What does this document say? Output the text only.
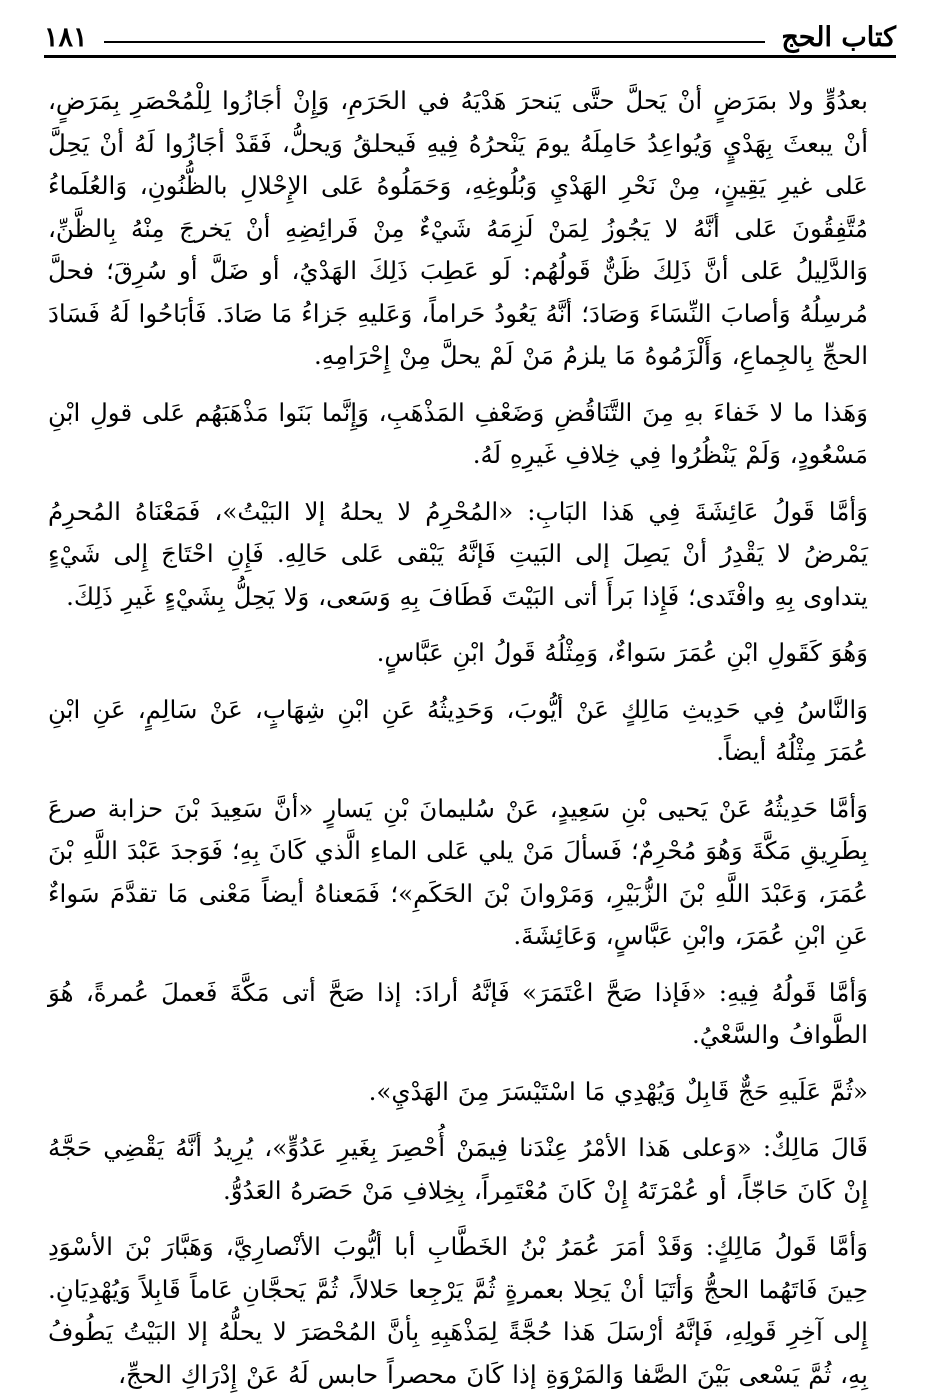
كتاب الحج
١٨١

بعدُوٍّ ولا بمَرَضٍ أنْ يَحلَّ حتَّى يَنحرَ هَدْيَهُ في الحَرَمِ، وَإِنْ أجَازُوا لِلْمُحْصَرِ بِمَرَضٍ، أنْ يبعثَ بِهَدْيٍ وَيُواعِدُ حَامِلَهُ يومَ يَنْحرُهُ فِيهِ فَيحلقُ وَيحلُّ، فَقَدْ أجَازُوا لَهُ أنْ يَحِلَّ عَلى غيرِ يَقِينٍ، مِنْ نَحْرِ الهَدْيِ وَبُلُوغِهِ، وَحَمَلُوهُ عَلى الإِحْلالِ بالظُّنُونِ، وَالعُلَماءُ مُتَّفِقُونَ عَلى أنَّهُ لا يَجُوزُ لِمَنْ لَزِمَهُ شَيْءٌ مِنْ فَرائِضِهِ أنْ يَخرجَ مِنْهُ بِالظَّنِّ، وَالدَّلِيلُ عَلى أنَّ ذَلِكَ ظَنٌّ قَولُهُم: لَو عَطِبَ ذَلِكَ الهَدْيُ، أو ضَلَّ أو سُرِقَ؛ فحلَّ مُرسِلُهُ وَأصابَ النِّسَاءَ وَصَادَ؛ أنَّهُ يَعُودُ حَراماً، وَعَليهِ جَزاءُ مَا صَادَ. فَأبَاحُوا لَهُ فَسَادَ الحجِّ بِالجِماعِ، وَأَلْزَمُوهُ مَا يلزمُ مَنْ لَمْ يحلَّ مِنْ إِحْرَامِهِ.

وَهَذا ما لا خَفاءَ بهِ مِنَ التَّنَاقُضِ وَضَعْفِ المَذْهَبِ، وَإِنَّما بَنَوا مَذْهَبَهُم عَلى قولِ ابْنِ مَسْعُودٍ، وَلَمْ يَنْظُرُوا فِي خِلافِ غَيرِهِ لَهُ.

وَأمَّا قَولُ عَائِشَةَ فِي هَذا البَابِ: «المُحْرِمُ لا يحلهُ إلا البَيْتُ»، فَمَعْنَاهُ المُحرِمُ يَمْرضُ لا يَقْدِرُ أنْ يَصِلَ إلى البَيتِ فَإنَّهُ يَبْقى عَلى حَالِهِ. فَإِنِ احْتَاجَ إِلى شَيْءٍ يتداوى بِهِ وافْتَدى؛ فَإِذا بَرأَ أتى البَيْتَ فَطَافَ بِهِ وَسَعى، وَلا يَحِلُّ بِشَيْءٍ غَيرِ ذَلِكَ.

وَهُوَ كَقَولِ ابْنِ عُمَرَ سَواءٌ، وَمِثْلُهُ قَولُ ابْنِ عَبَّاسٍ.

وَالنَّاسُ فِي حَدِيثِ مَالِكٍ عَنْ أيُّوبَ، وَحَدِيثُهُ عَنِ ابْنِ شِهَابٍ، عَنْ سَالِمٍ، عَنِ ابْنِ عُمَرَ مِثْلُهُ أيضاً.

وَأمَّا حَدِيثُهُ عَنْ يَحيى بْنِ سَعِيدٍ، عَنْ سُليمانَ بْنِ يَسارٍ «أنَّ سَعِيدَ بْنَ حزابة صرعَ بِطَرِيقِ مَكَّةَ وَهُوَ مُحْرِمٌ؛ فَسألَ مَنْ يلي عَلى الماءِ الَّذي كَانَ بِهِ؛ فَوَجدَ عَبْدَ اللَّهِ بْنَ عُمَرَ، وَعَبْدَ اللَّهِ بْنَ الزُّبَيْرِ، وَمَرْوانَ بْنَ الحَكَمِ»؛ فَمَعناهُ أيضاً مَعْنى مَا تقدَّمَ سَواءٌ عَنِ ابْنِ عُمَرَ، وابْنِ عَبَّاسٍ، وَعَائِشَةَ.

وَأمَّا قَولُهُ فِيهِ: «فَإذا صَحَّ اعْتَمَرَ» فَإنَّهُ أرادَ: إذا صَحَّ أتى مَكَّةَ فَعملَ عُمرةً، هُوَ الطَّوافُ والسَّعْيُ.

«ثُمَّ عَلَيهِ حَجٌّ قَابِلٌ وَيُهْدِي مَا اسْتَيْسَرَ مِنَ الهَدْيِ».

قَالَ مَالِكٌ: «وَعلى هَذا الأمْرُ عِنْدَنا فِيمَنْ أُحْصِرَ بِغَيرِ عَدُوٍّ»، يُرِيدُ أنَّهُ يَقْضِي حَجَّهُ إِنْ كَانَ حَاجّاً، أو عُمْرَتَهُ إِنْ كَانَ مُعْتَمِراً، بِخِلافِ مَنْ حَصَرهُ العَدُوُّ.

وَأمَّا قَولُ مَالِكٍ: وَقَدْ أمَرَ عُمَرُ بْنُ الخَطَّابِ أبا أيُّوبَ الأنْصارِيَّ، وَهَبَّارَ بْنَ الأسْوَدِ حِينَ فَاتَهُما الحجُّ وَأتَيَا أنْ يَحِلا بعمرةٍ ثُمَّ يَرْجِعا حَلالاً، ثُمَّ يَحجَّانِ عَاماً قَابِلاً وَيُهْدِيَانِ. إِلى آخِرِ قَولِهِ، فَإنَّهُ أرْسَلَ هَذا حُجَّةً لِمَذْهَبِهِ بِأنَّ المُحْصَرَ لا يحلُّهُ إلا البَيْتُ يَطُوفُ بِهِ، ثُمَّ يَسْعى بَيْنَ الصَّفا وَالمَرْوَةِ إذا كَانَ محصراً حابس لَهُ عَنْ إِدْرَاكِ الحجِّ،
